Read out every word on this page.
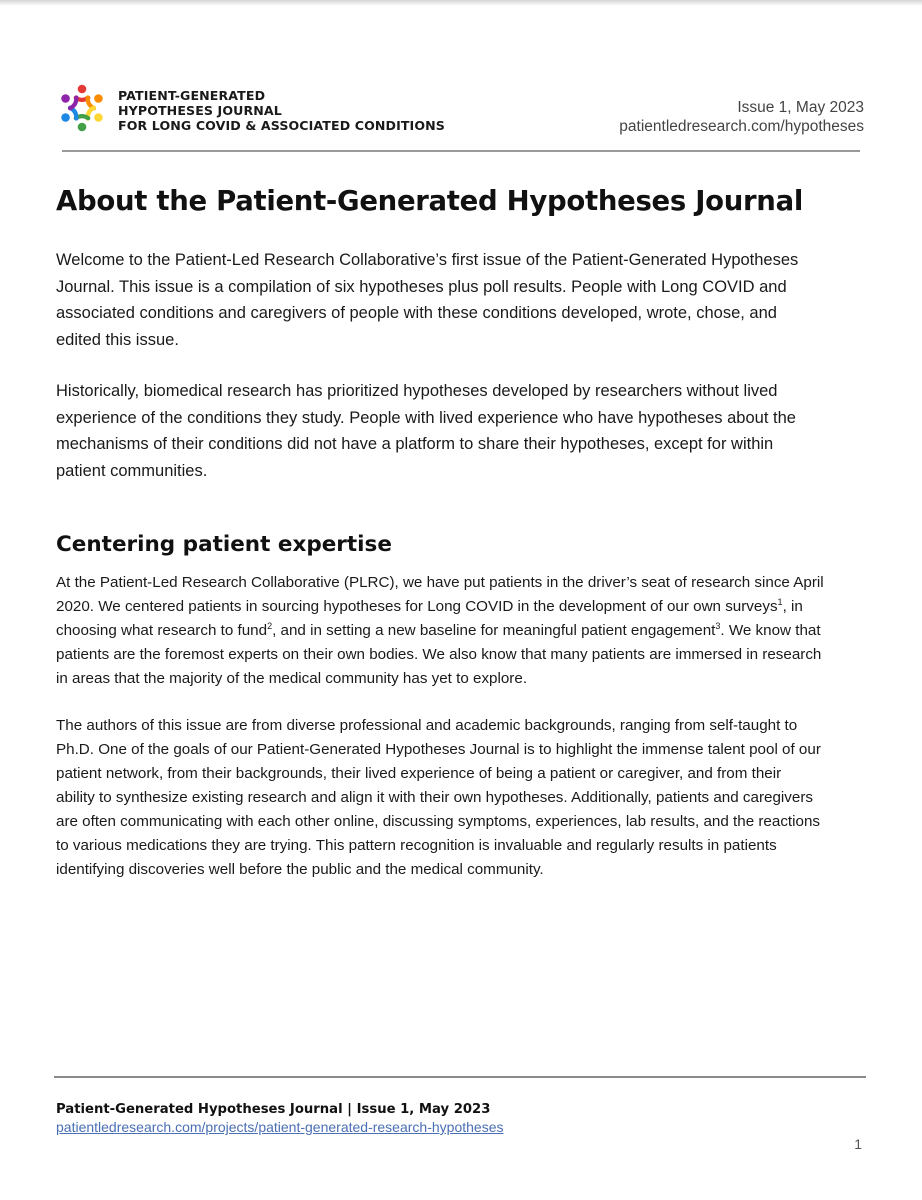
PATIENT-GENERATED
HYPOTHESES JOURNAL
FOR LONG COVID & ASSOCIATED CONDITIONS
Issue 1, May 2023
patientledresearch.com/hypotheses
About the Patient-Generated Hypotheses Journal

Welcome to the Patient-Led Research Collaborative’s first issue of the Patient-Generated Hypotheses
Journal. This issue is a compilation of six hypotheses plus poll results. People with Long COVID and
associated conditions and caregivers of people with these conditions developed, wrote, chose, and
edited this issue.

Historically, biomedical research has prioritized hypotheses developed by researchers without lived
experience of the conditions they study. People with lived experience who have hypotheses about the
mechanisms of their conditions did not have a platform to share their hypotheses, except for within
patient communities.

Centering patient expertise

At the Patient-Led Research Collaborative (PLRC), we have put patients in the driver’s seat of research since April
2020. We centered patients in sourcing hypotheses for Long COVID in the development of our own surveys$^1$, in
choosing what research to fund$^2$, and in setting a new baseline for meaningful patient engagement$^3$. We know that
patients are the foremost experts on their own bodies. We also know that many patients are immersed in research
in areas that the majority of the medical community has yet to explore.

The authors of this issue are from diverse professional and academic backgrounds, ranging from self-taught to
Ph.D. One of the goals of our Patient-Generated Hypotheses Journal is to highlight the immense talent pool of our
patient network, from their backgrounds, their lived experience of being a patient or caregiver, and from their
ability to synthesize existing research and align it with their own hypotheses. Additionally, patients and caregivers
are often communicating with each other online, discussing symptoms, experiences, lab results, and the reactions
to various medications they are trying. This pattern recognition is invaluable and regularly results in patients
identifying discoveries well before the public and the medical community.

Patient-Generated Hypotheses Journal | Issue 1, May 2023
patientledresearch.com/projects/patient-generated-research-hypotheses
1
